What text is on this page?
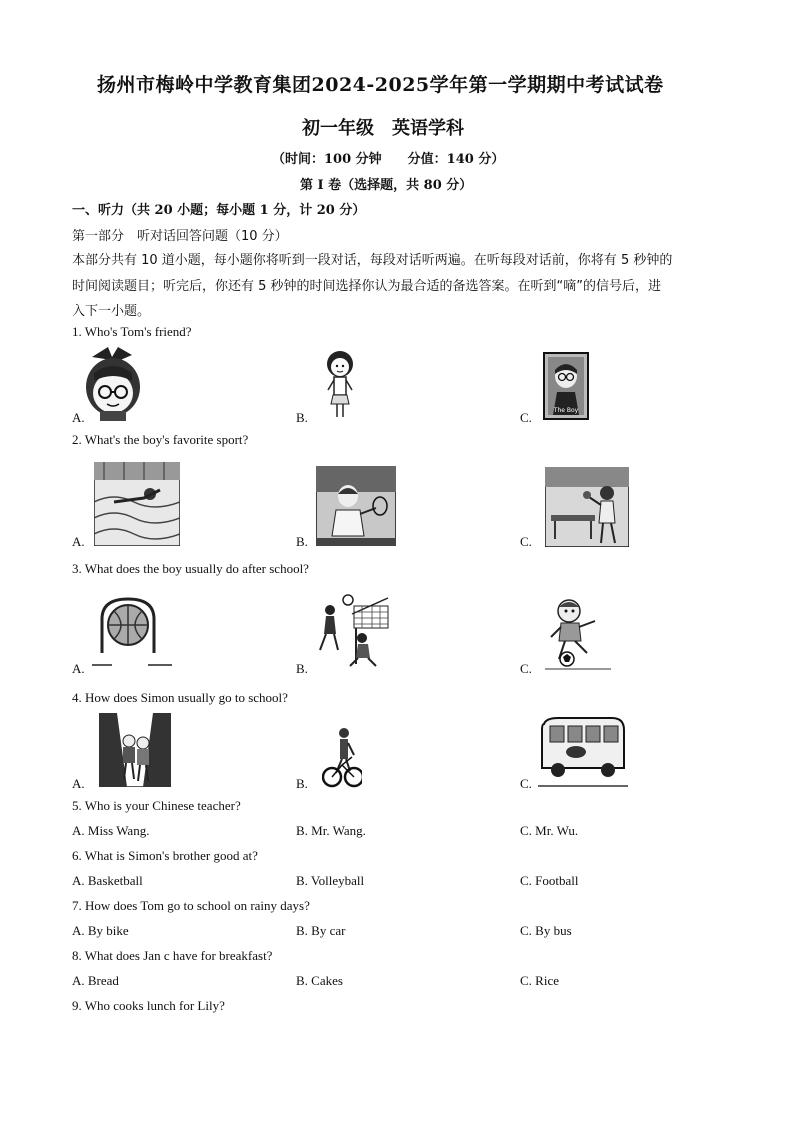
扬州市梅岭中学教育集团2024-2025学年第一学期期中考试试卷
初一年级　英语学科
（时间：100 分钟　　分值：140 分）
第 I 卷（选择题，共 80 分）
一、听力（共 20 小题；每小题 1 分，计 20 分）
第一部分　听对话回答问题（10 分）
本部分共有 10 道小题，每小题你将听到一段对话，每段对话听两遍。在听每段对话前，你将有 5 秒钟的
时间阅读题目；听完后，你还有 5 秒钟的时间选择你认为最合适的备选答案。在听到“嘀”的信号后，进
入下一小题。
1. Who's Tom's friend?
A.	B.	C.	The Boy
2. What's the boy's favorite sport?
A.	B.	C.
3. What does the boy usually do after school?
A.	B.	C.
4. How does Simon usually go to school?
A.	B.	C.
5. Who is your Chinese teacher?
A. Miss Wang.	B. Mr. Wang.	C. Mr. Wu.
6. What is Simon's brother good at?
A. Basketball	B. Volleyball	C. Football
7. How does Tom go to school on rainy days?
A. By bike	B. By car	C. By bus
8. What does Jan c have for breakfast?
A. Bread	B. Cakes	C. Rice
9. Who cooks lunch for Lily?
